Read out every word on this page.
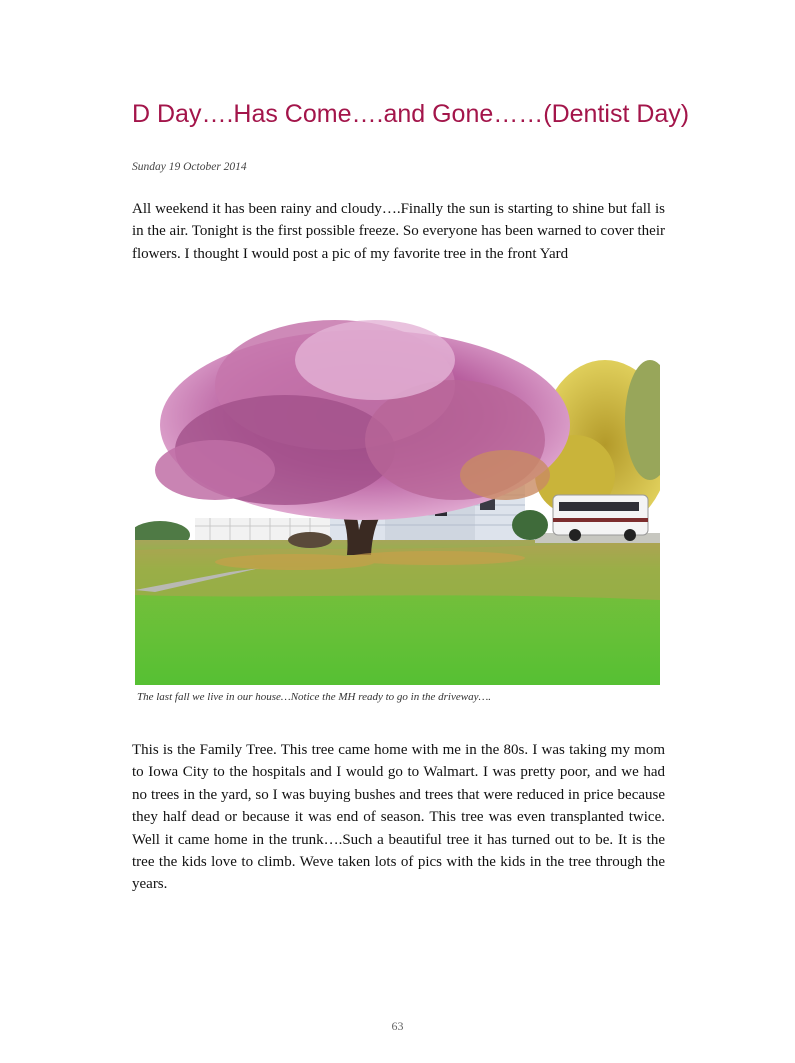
D Day….Has Come….and Gone……(Dentist Day)
Sunday 19 October 2014

All weekend it has been rainy and cloudy….Finally the sun is starting to shine but fall is in the air. Tonight is the first possible freeze. So everyone has been warned to cover their flowers. I thought I would post a pic of my favorite tree in the front Yard

The last fall we live in our house…Notice the MH ready to go in the driveway….

This is the Family Tree. This tree came home with me in the 80s. I was taking my mom to Iowa City to the hospitals and I would go to Walmart. I was pretty poor, and we had no trees in the yard, so I was buying bushes and trees that were reduced in price because they half dead or because it was end of season. This tree was even transplanted twice. Well it came home in the trunk….Such a beautiful tree it has turned out to be. It is the tree the kids love to climb. Weve taken lots of pics with the kids in the tree through the years.

63
